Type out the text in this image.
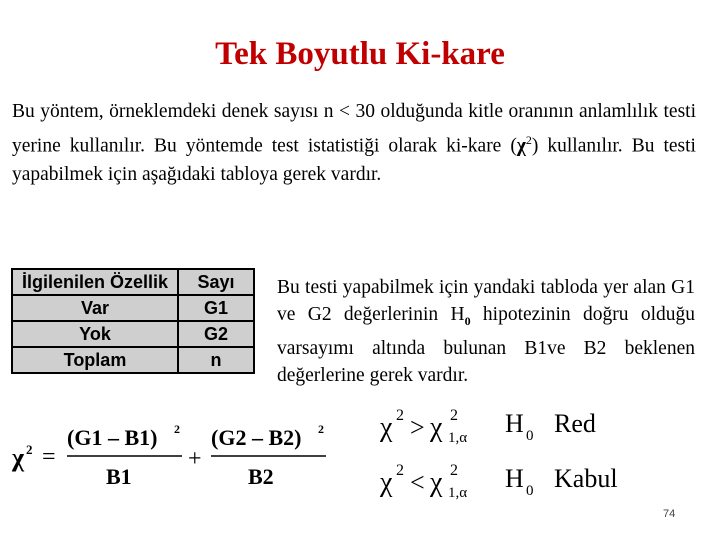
Tek Boyutlu Ki-kare
Bu yöntem, örneklemdeki denek sayısı n < 30 olduğunda kitle oranının anlamlılık testi yerine kullanılır. Bu yöntemde test istatistiği olarak ki-kare $(\chi^2)$ kullanılır. Bu testi yapabilmek için aşağıdaki tabloya gerek vardır.
İlgilenilen Özellik	Sayı
Var	G1
Yok	G2
Toplam	n
Bu testi yapabilmek için yandaki tabloda yer alan G1 ve G2 değerlerinin $H_0$ hipotezinin doğru olduğu varsayımı altında bulunan B1ve B2 beklenen değerlerine gerek vardır.
χ 2 =
(G1 – B1) 2
B1
+
(G2 – B2) 2
B2
χ 2 > χ 2
1,α H 0 Red
χ 2 < χ 2
1,α H 0 Kabul
74
